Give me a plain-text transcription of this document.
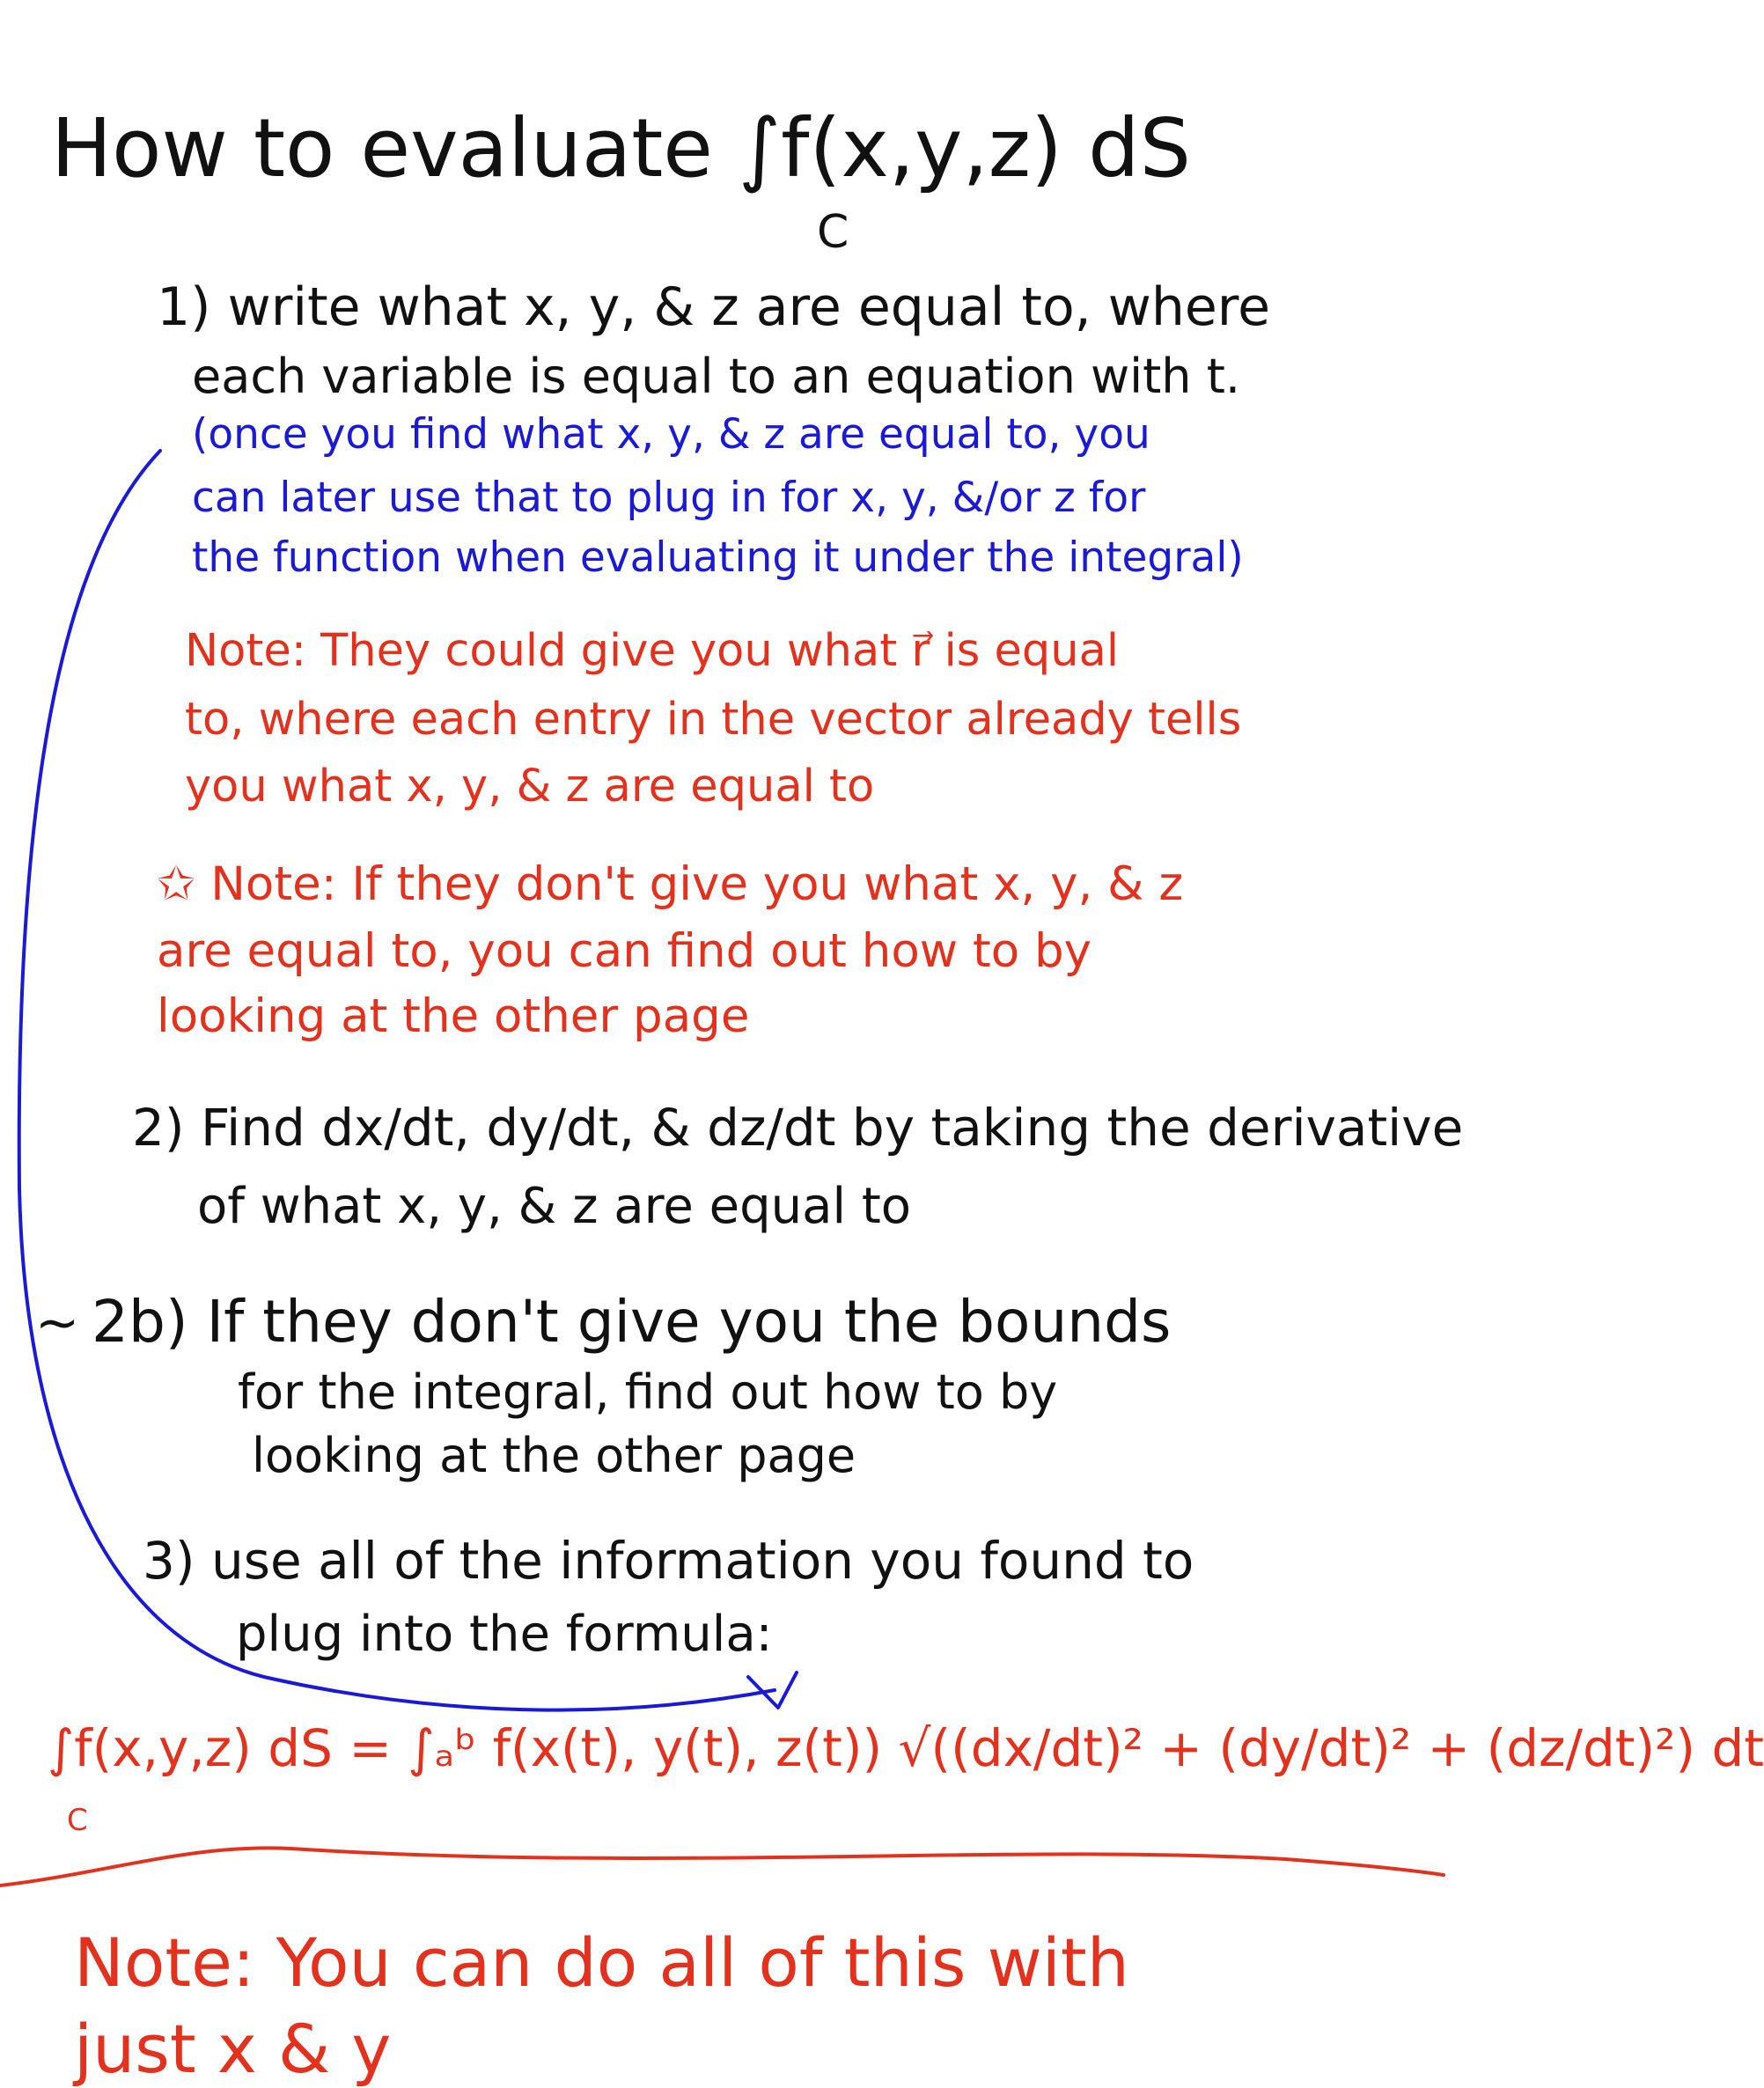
How to evaluate ∫f(x,y,z) dS
C
1) write what x, y, & z are equal to, where
each variable is equal to an equation with t.
(once you find what x, y, & z are equal to, you
can later use that to plug in for x, y, &/or z for
the function when evaluating it under the integral)
Note: They could give you what r⃗ is equal
to, where each entry in the vector already tells
you what x, y, & z are equal to
✩ Note: If they don't give you what x, y, & z
are equal to, you can find out how to by
looking at the other page
2) Find dx/dt, dy/dt, & dz/dt by taking the derivative
of what x, y, & z are equal to
~ 2b) If they don't give you the bounds
for the integral, find out how to by
looking at the other page
3) use all of the information you found to
plug into the formula:
∫f(x,y,z) dS = ∫ₐᵇ f(x(t), y(t), z(t)) √((dx/dt)² + (dy/dt)² + (dz/dt)²) dt
C
Note: You can do all of this with
just x & y
